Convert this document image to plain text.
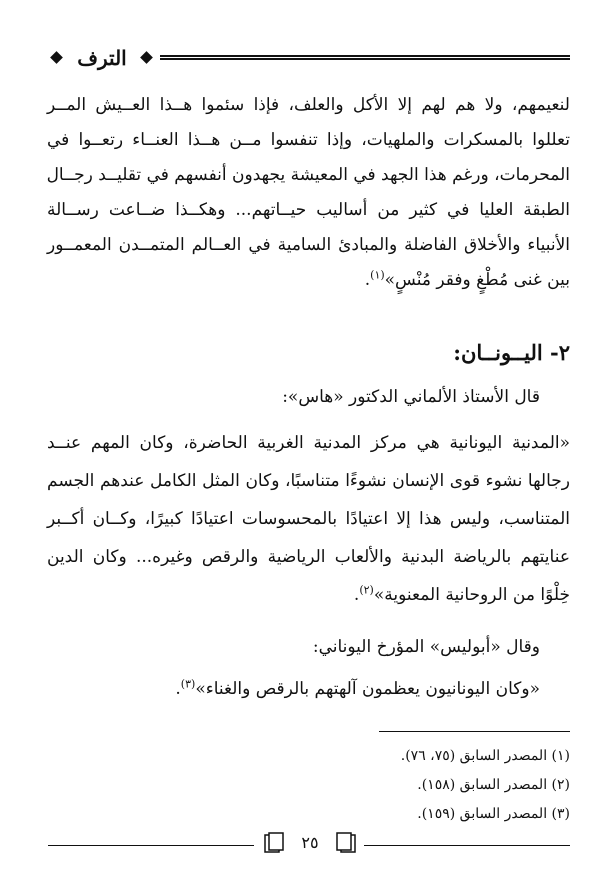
الترف
لنعيمهم، ولا هم لهم إلا الأكل والعلف، فإذا سئموا هــذا العــيش المــر
تعللوا بالمسكرات والملهيات، وإذا تنفسوا مــن هــذا العنــاء رتعــوا في
المحرمات، ورغم هذا الجهد في المعيشة يجهدون أنفسهم في تقليــد رجــال
الطبقة العليا في كثير من أساليب حيــاتهم... وهكــذا ضــاعت رســالة
الأنبياء والأخلاق الفاضلة والمبادئ السامية في العــالم المتمــدن المعمــور
بين غنى مُطْغٍ وفقر مُنْسٍ»$^{(١)}$.
٢- اليــونــان:
قال الأستاذ الألماني الدكتور «هاس»:
«المدنية اليونانية هي مركز المدنية الغربية الحاضرة، وكان المهم عنــد
رجالها نشوء قوى الإنسان نشوءًا متناسبًا، وكان المثل الكامل عندهم الجسم
المتناسب، وليس هذا إلا اعتيادًا بالمحسوسات اعتيادًا كبيرًا، وكــان أكــبر
عنايتهم بالرياضة البدنية والألعاب الرياضية والرقص وغيره... وكان الدين
خِلْوًا من الروحانية المعنوية»$^{(٢)}$.
وقال «أبوليس» المؤرخ اليوناني:
«وكان اليونانيون يعظمون آلهتهم بالرقص والغناء»$^{(٣)}$.
(١) المصدر السابق (٧٥، ٧٦).
(٢) المصدر السابق (١٥٨).
(٣) المصدر السابق (١٥٩).
٢٥
